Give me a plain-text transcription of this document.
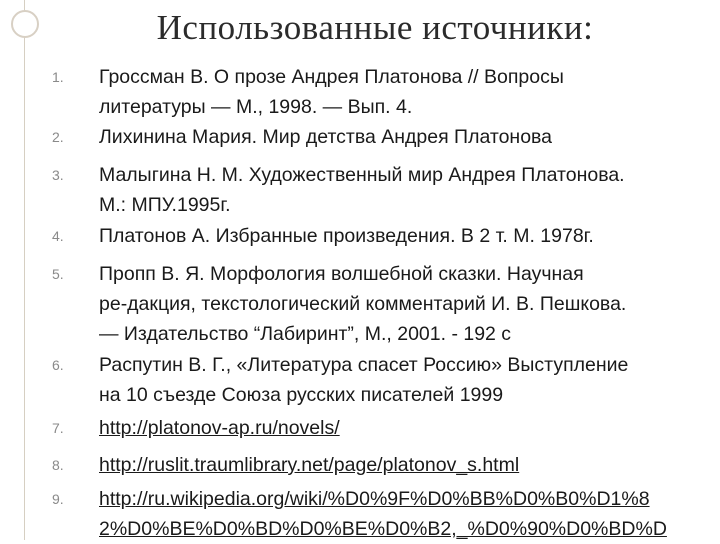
Использованные источники:
1.	Гроссман В. О прозе Андрея Платонова // Вопросы
литературы — М., 1998. — Вып. 4.
2.	Лихинина Мария. Мир детства Андрея Платонова
3.	Малыгина Н. М. Художественный мир Андрея Платонова.
М.: МПУ.1995г.
4.	Платонов А. Избранные произведения. В 2 т. М. 1978г.
5.	Пропп В. Я. Морфология волшебной сказки. Научная
ре-дакция, текстологический комментарий И. В. Пешкова.
— Издательство “Лабиринт”, М., 2001. - 192 с
6.	Распутин В. Г., «Литература спасет Россию» Выступление
на 10 съезде Союза русских писателей 1999
7.	http://platonov-ap.ru/novels/
8.	http://ruslit.traumlibrary.net/page/platonov_s.html
9.	http://ru.wikipedia.org/wiki/%D0%9F%D0%BB%D0%B0%D1%8
2%D0%BE%D0%BD%D0%BE%D0%B2,_%D0%90%D0%BD%D
